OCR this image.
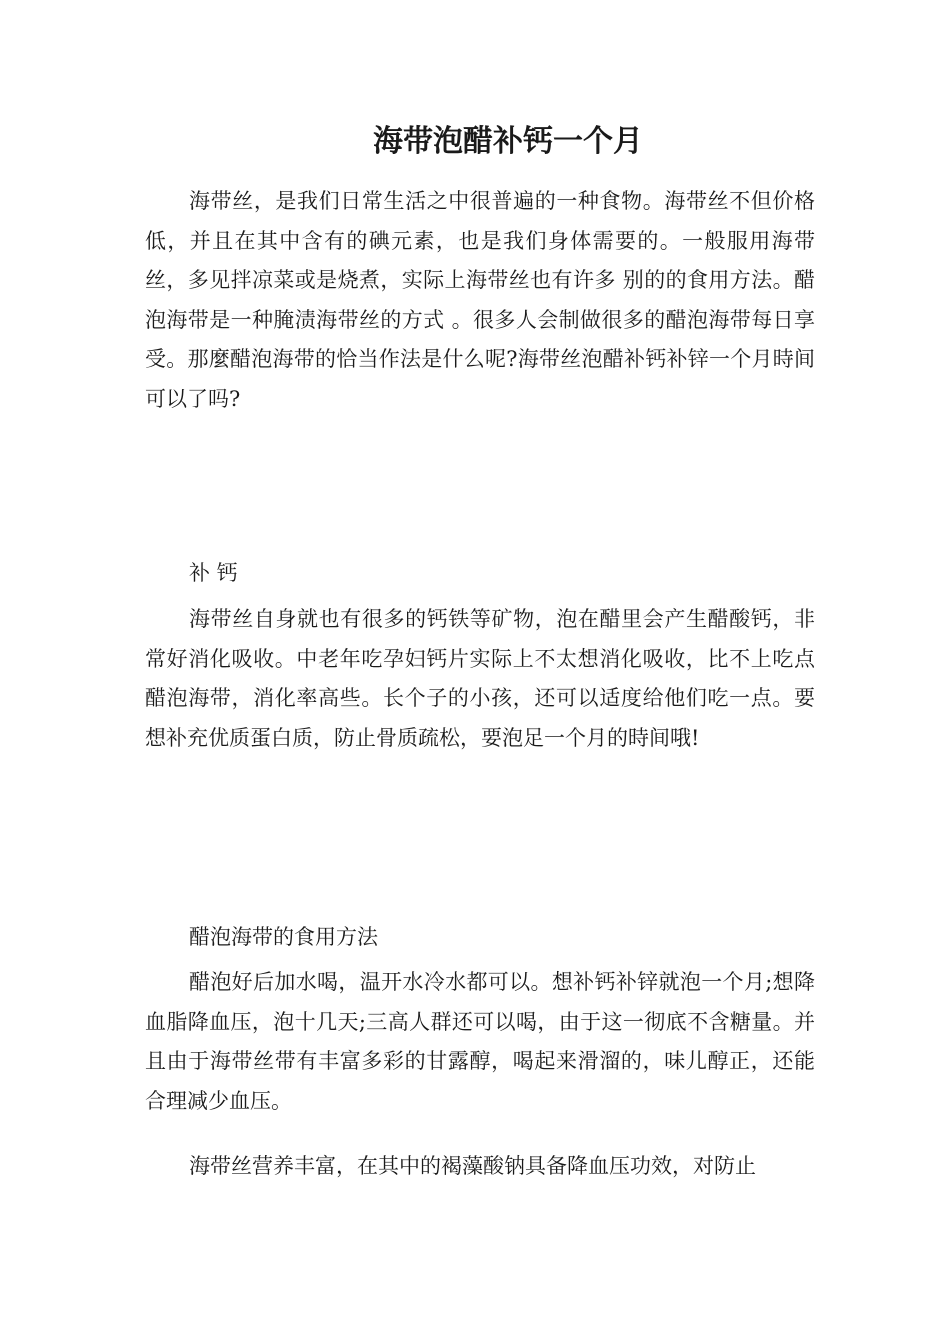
海带泡醋补钙一个月

海带丝，是我们日常生活之中很普遍的一种食物。海带丝不但价格低，并且在其中含有的碘元素，也是我们身体需要的。一般服用海带丝，多见拌凉菜或是烧煮，实际上海带丝也有许多 别的的食用方法。醋泡海带是一种腌渍海带丝的方式 。很多人会制做很多的醋泡海带每日享受。那麼醋泡海带的恰当作法是什么呢?海带丝泡醋补钙补锌一个月時间可以了吗?

补 钙

海带丝自身就也有很多的钙铁等矿物，泡在醋里会产生醋酸钙，非常好消化吸收。中老年吃孕妇钙片实际上不太想消化吸收，比不上吃点醋泡海带，消化率高些。长个子的小孩，还可以适度给他们吃一点。要想补充优质蛋白质，防止骨质疏松，要泡足一个月的時间哦!

醋泡海带的食用方法

醋泡好后加水喝，温开水冷水都可以。想补钙补锌就泡一个月;想降血脂降血压，泡十几天;三高人群还可以喝，由于这一彻底不含糖量。并且由于海带丝带有丰富多彩的甘露醇，喝起来滑溜的，味儿醇正，还能合理减少血压。

海带丝营养丰富，在其中的褐藻酸钠具备降血压功效，对防止
